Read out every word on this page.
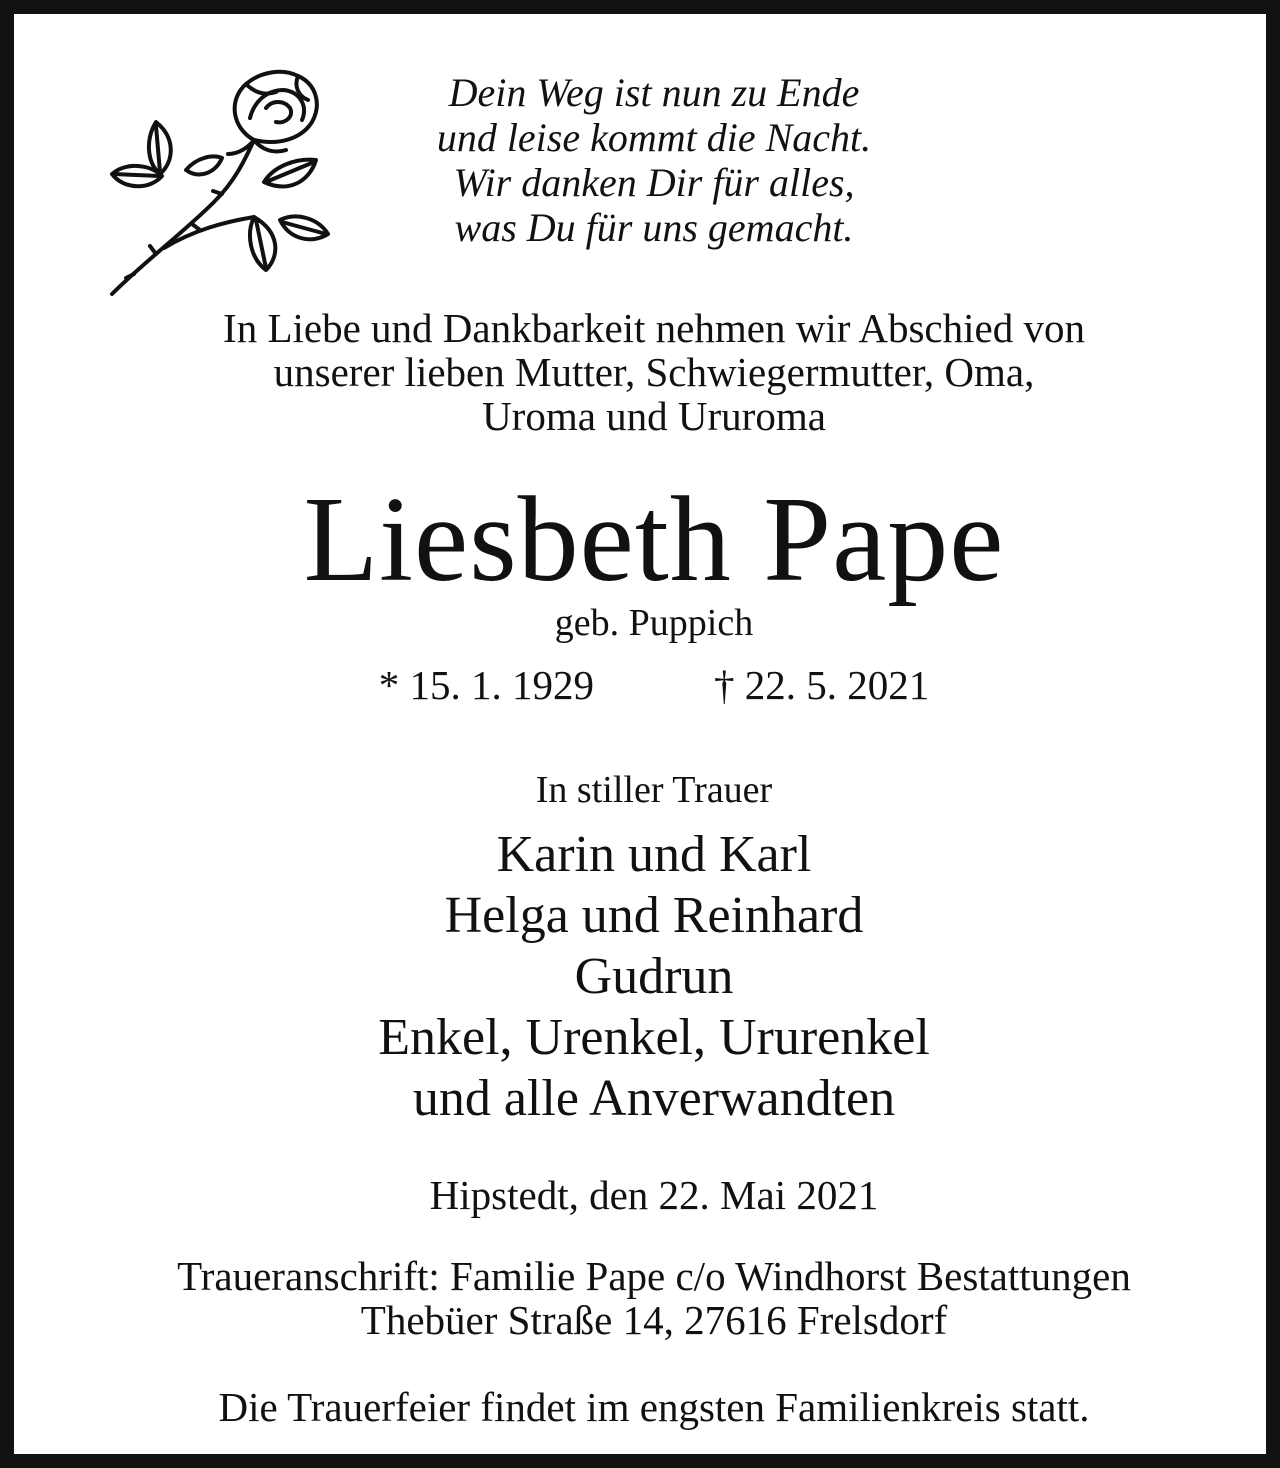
Dein Weg ist nun zu Ende
und leise kommt die Nacht.
Wir danken Dir für alles,
was Du für uns gemacht.
In Liebe und Dankbarkeit nehmen wir Abschied von
unserer lieben Mutter, Schwiegermutter, Oma,
Uroma und Ururoma
Liesbeth Pape
geb. Puppich
* 15. 1. 1929	† 22. 5. 2021
In stiller Trauer
Karin und Karl
Helga und Reinhard
Gudrun
Enkel, Urenkel, Ururenkel
und alle Anverwandten
Hipstedt, den 22. Mai 2021
Traueranschrift: Familie Pape c/o Windhorst Bestattungen
Thebüer Straße 14, 27616 Frelsdorf
Die Trauerfeier findet im engsten Familienkreis statt.
